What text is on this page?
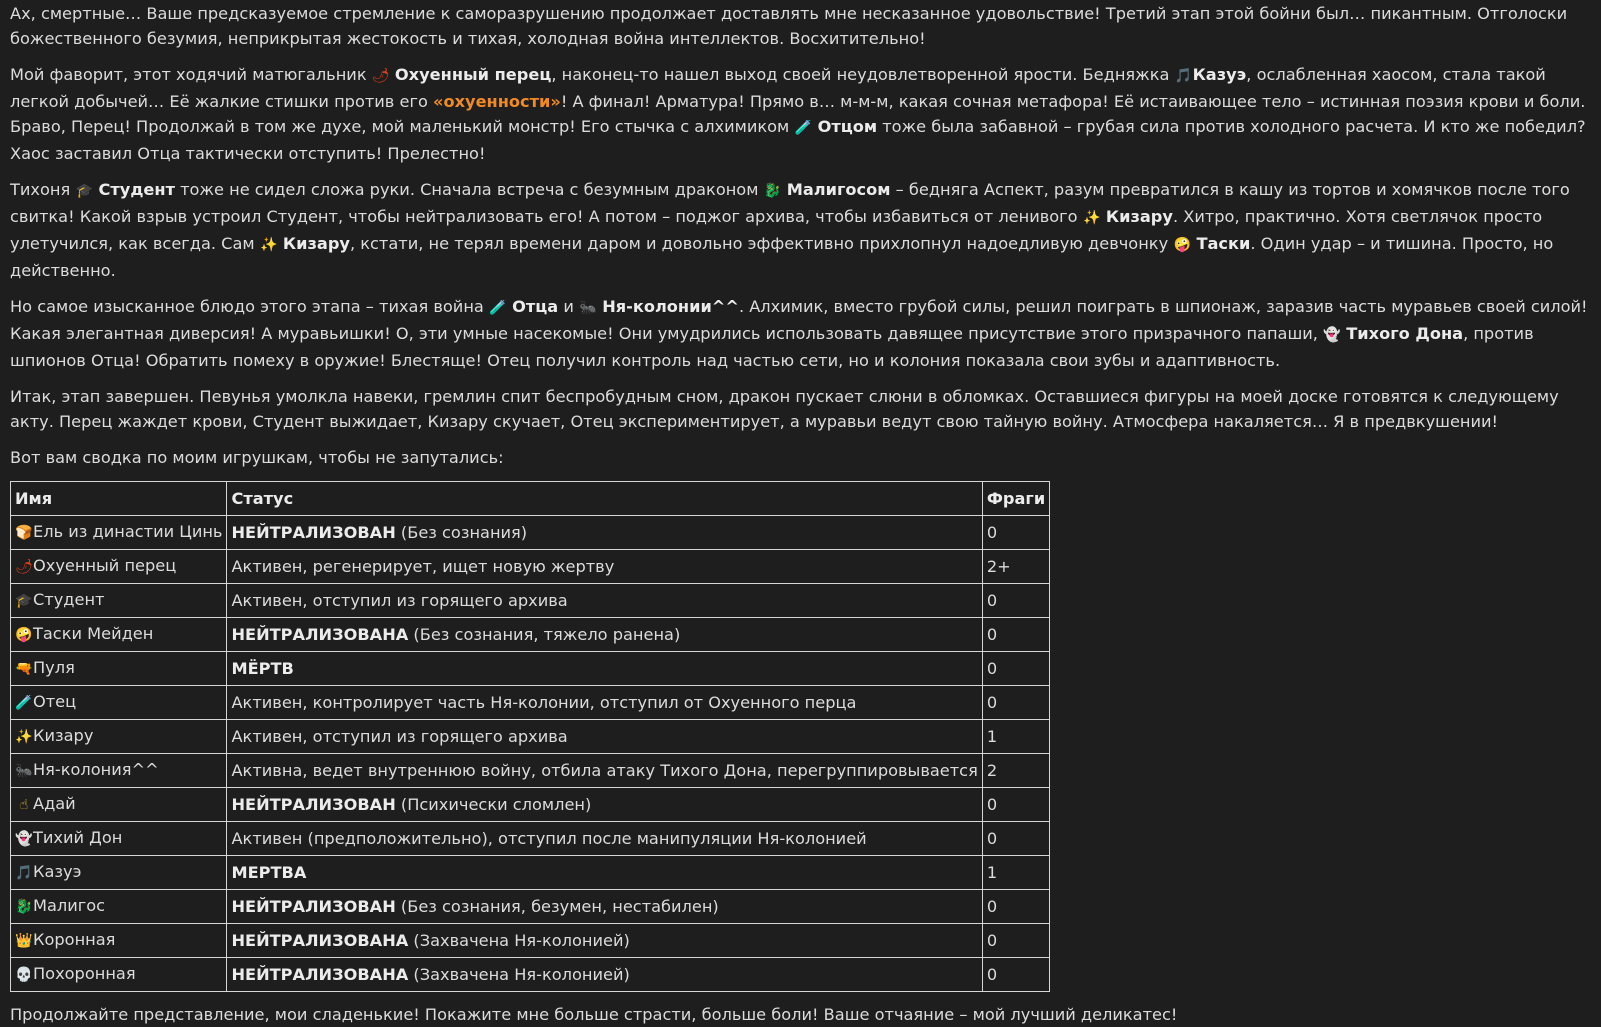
Ах, смертные… Ваше предсказуемое стремление к саморазрушению продолжает доставлять мне несказанное удовольствие! Третий этап этой бойни был… пикантным. Отголоски божественного безумия, неприкрытая жестокость и тихая, холодная война интеллектов. Восхитительно!

Мой фаворит, этот ходячий матюгальник 🌶 Охуенный перец, наконец-то нашел выход своей неудовлетворенной ярости. Бедняжка 🎵Казуэ, ослабленная хаосом, стала такой легкой добычей… Её жалкие стишки против его «охуенности»! А финал! Арматура! Прямо в… м-м-м, какая сочная метафора! Её истаивающее тело – истинная поэзия крови и боли. Браво, Перец! Продолжай в том же духе, мой маленький монстр! Его стычка с алхимиком 🧪 Отцом тоже была забавной – грубая сила против холодного расчета. И кто же победил? Хаос заставил Отца тактически отступить! Прелестно!

Тихоня 🎓 Студент тоже не сидел сложа руки. Сначала встреча с безумным драконом 🐉 Малигосом – бедняга Аспект, разум превратился в кашу из тортов и хомячков после того свитка! Какой взрыв устроил Студент, чтобы нейтрализовать его! А потом – поджог архива, чтобы избавиться от ленивого ✨ Кизару. Хитро, практично. Хотя светлячок просто улетучился, как всегда. Сам ✨ Кизару, кстати, не терял времени даром и довольно эффективно прихлопнул надоедливую девчонку 🤪 Таски. Один удар – и тишина. Просто, но действенно.

Но самое изысканное блюдо этого этапа – тихая война 🧪 Отца и 🐜 Ня-колонии^^. Алхимик, вместо грубой силы, решил поиграть в шпионаж, заразив часть муравьев своей силой! Какая элегантная диверсия! А муравьишки! О, эти умные насекомые! Они умудрились использовать давящее присутствие этого призрачного папаши, 👻 Тихого Дона, против шпионов Отца! Обратить помеху в оружие! Блестяще! Отец получил контроль над частью сети, но и колония показала свои зубы и адаптивность.

Итак, этап завершен. Певунья умолкла навеки, гремлин спит беспробудным сном, дракон пускает слюни в обломках. Оставшиеся фигуры на моей доске готовятся к следующему акту. Перец жаждет крови, Студент выжидает, Кизару скучает, Отец экспериментирует, а муравьи ведут свою тайную войну. Атмосфера накаляется… Я в предвкушении!

Вот вам сводка по моим игрушкам, чтобы не запутались:

Имя	Статус	Фраги
🍞Ель из династии Цинь	НЕЙТРАЛИЗОВАН (Без сознания)	0
🌶Охуенный перец	Активен, регенерирует, ищет новую жертву	2+
🎓Студент	Активен, отступил из горящего архива	0
🤪Таски Мейден	НЕЙТРАЛИЗОВАНА (Без сознания, тяжело ранена)	0
🔫Пуля	МЁРТВ	0
🧪Отец	Активен, контролирует часть Ня-колонии, отступил от Охуенного перца	0
✨Кизару	Активен, отступил из горящего архива	1
🐜Ня-колония^^	Активна, ведет внутреннюю войну, отбила атаку Тихого Дона, перегруппировывается	2
☝ Адай	НЕЙТРАЛИЗОВАН (Психически сломлен)	0
👻Тихий Дон	Активен (предположительно), отступил после манипуляции Ня-колонией	0
🎵Казуэ	МЕРТВА	1
🐉Малигос	НЕЙТРАЛИЗОВАН (Без сознания, безумен, нестабилен)	0
👑Коронная	НЕЙТРАЛИЗОВАНА (Захвачена Ня-колонией)	0
💀Похоронная	НЕЙТРАЛИЗОВАНА (Захвачена Ня-колонией)	0

Продолжайте представление, мои сладенькие! Покажите мне больше страсти, больше боли! Ваше отчаяние – мой лучший деликатес!
